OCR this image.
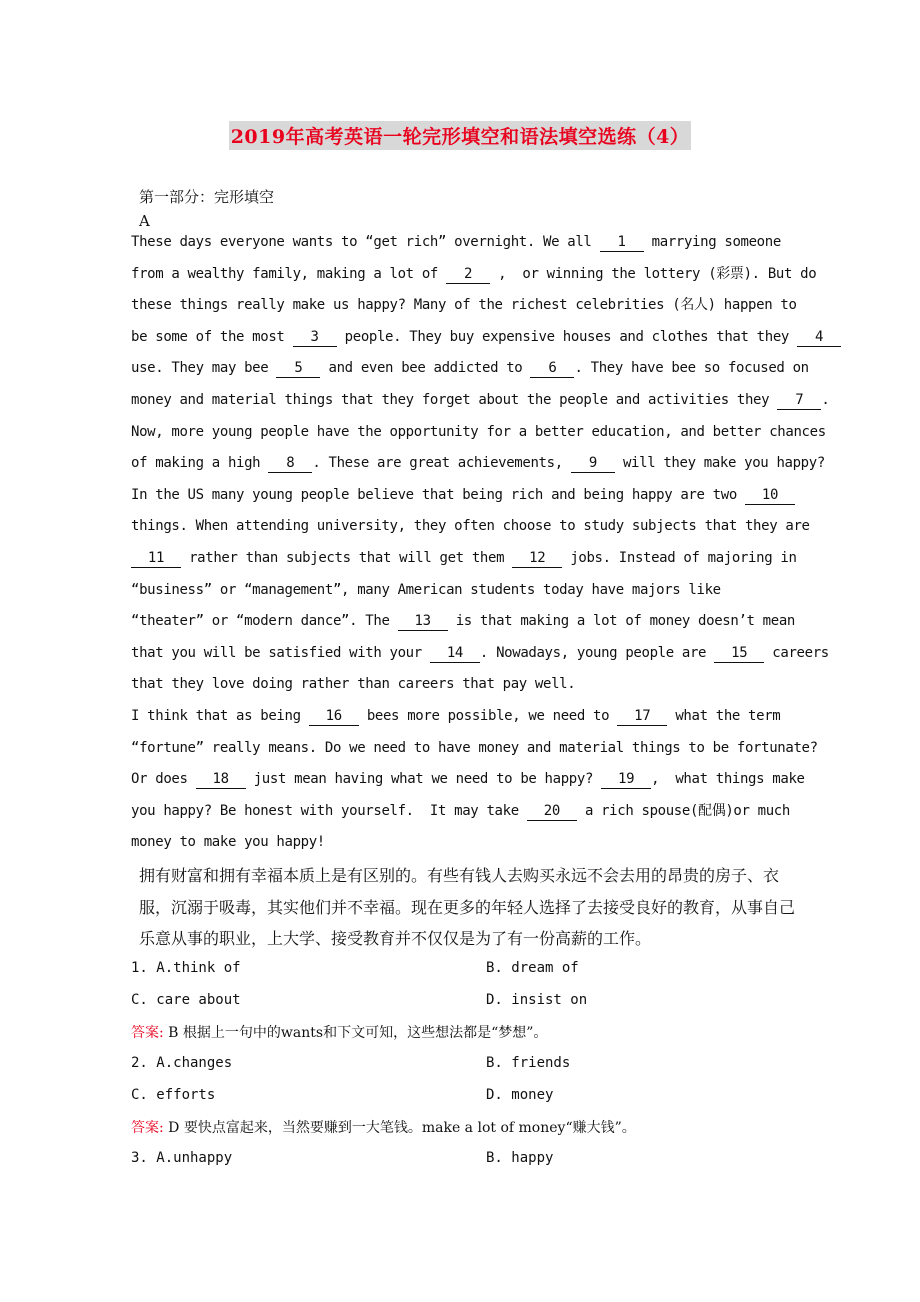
2019年高考英语一轮完形填空和语法填空选练（4）
第一部分：完形填空
A
These days everyone wants to “get rich” overnight. We all 1 marrying someone
from a wealthy family, making a lot of 2 ,  or winning the lottery (彩票). But do
these things really make us happy? Many of the richest celebrities (名人) happen to
be some of the most 3 people. They buy expensive houses and clothes that they 4
use. They may bee 5 and even bee addicted to 6 . They have bee so focused on
money and material things that they forget about the people and activities they 7 .
Now, more young people have the opportunity for a better education, and better chances
of making a high 8 . These are great achievements, 9 will they make you happy?
In the US many young people believe that being rich and being happy are two 10
things. When attending university, they often choose to study subjects that they are
11 rather than subjects that will get them 12 jobs. Instead of majoring in
“business” or “management”, many American students today have majors like
“theater” or “modern dance”. The 13 is that making a lot of money doesn’t mean
that you will be satisfied with your 14 . Nowadays, young people are 15 careers
that they love doing rather than careers that pay well.
I think that as being 16 bees more possible, we need to 17 what the term
“fortune” really means. Do we need to have money and material things to be fortunate?
Or does 18 just mean having what we need to be happy? 19 ,  what things make
you happy? Be honest with yourself.  It may take 20 a rich spouse(配偶)or much
money to make you happy!
拥有财富和拥有幸福本质上是有区别的。有些有钱人去购买永远不会去用的昂贵的房子、衣服，沉溺于吸毒，其实他们并不幸福。现在更多的年轻人选择了去接受良好的教育，从事自己乐意从事的职业，上大学、接受教育并不仅仅是为了有一份高薪的工作。
1. A.think of	B. dream of
C. care about	D. insist on
答案: B 根据上一句中的wants和下文可知，这些想法都是“梦想”。
2. A.changes	B. friends
C. efforts	D. money
答案: D 要快点富起来，当然要赚到一大笔钱。make a lot of money“赚大钱”。
3. A.unhappy	B. happy
